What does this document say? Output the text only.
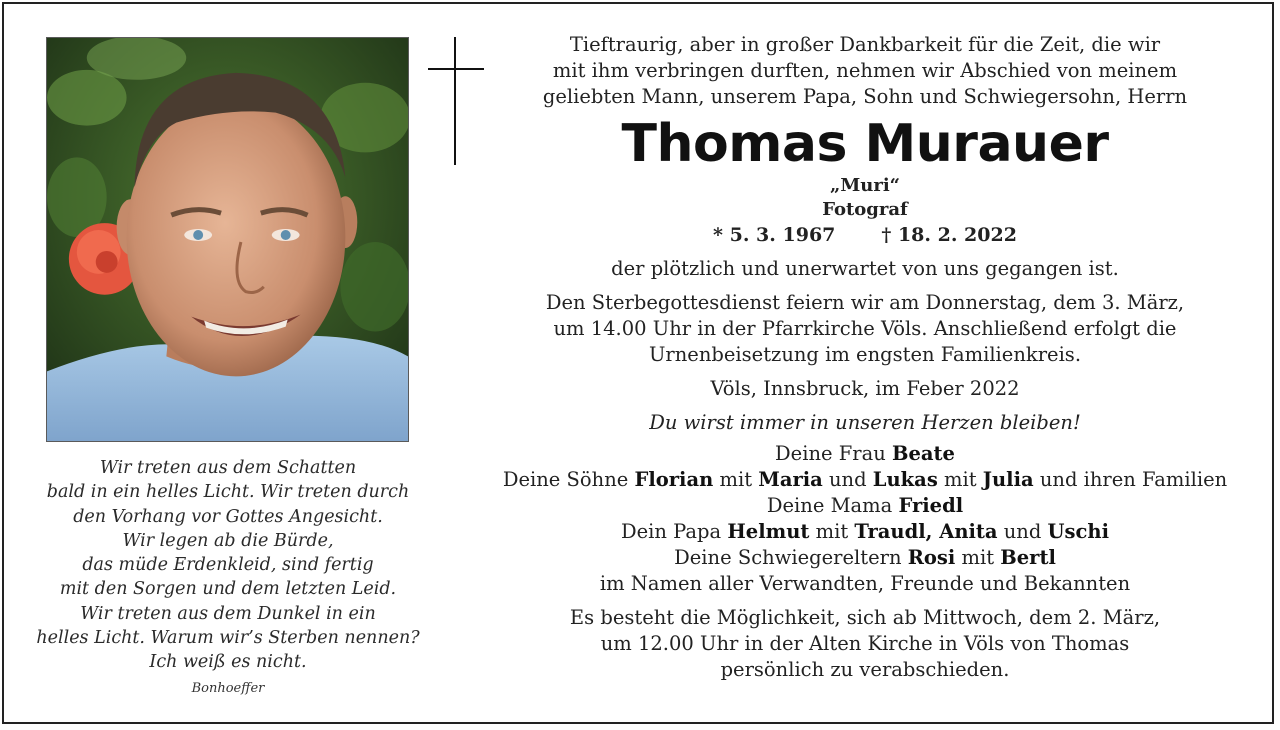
Wir treten aus dem Schatten
bald in ein helles Licht. Wir treten durch
den Vorhang vor Gottes Angesicht.
Wir legen ab die Bürde,
das müde Erdenkleid, sind fertig
mit den Sorgen und dem letzten Leid.
Wir treten aus dem Dunkel in ein
helles Licht. Warum wir’s Sterben nennen?
Ich weiß es nicht.
Bonhoeffer
Tieftraurig, aber in großer Dankbarkeit für die Zeit, die wir
mit ihm verbringen durften, nehmen wir Abschied von meinem
geliebten Mann, unserem Papa, Sohn und Schwiegersohn, Herrn
Thomas Murauer
„Muri“
Fotograf
* 5. 3. 1967 † 18. 2. 2022
der plötzlich und unerwartet von uns gegangen ist.
Den Sterbegottesdienst feiern wir am Donnerstag, dem 3. März,
um 14.00 Uhr in der Pfarrkirche Völs. Anschließend erfolgt die
Urnenbeisetzung im engsten Familienkreis.
Völs, Innsbruck, im Feber 2022
Du wirst immer in unseren Herzen bleiben!
Deine Frau Beate
Deine Söhne Florian mit Maria und Lukas mit Julia und ihren Familien
Deine Mama Friedl
Dein Papa Helmut mit Traudl, Anita und Uschi
Deine Schwiegereltern Rosi mit Bertl
im Namen aller Verwandten, Freunde und Bekannten
Es besteht die Möglichkeit, sich ab Mittwoch, dem 2. März,
um 12.00 Uhr in der Alten Kirche in Völs von Thomas
persönlich zu verabschieden.
